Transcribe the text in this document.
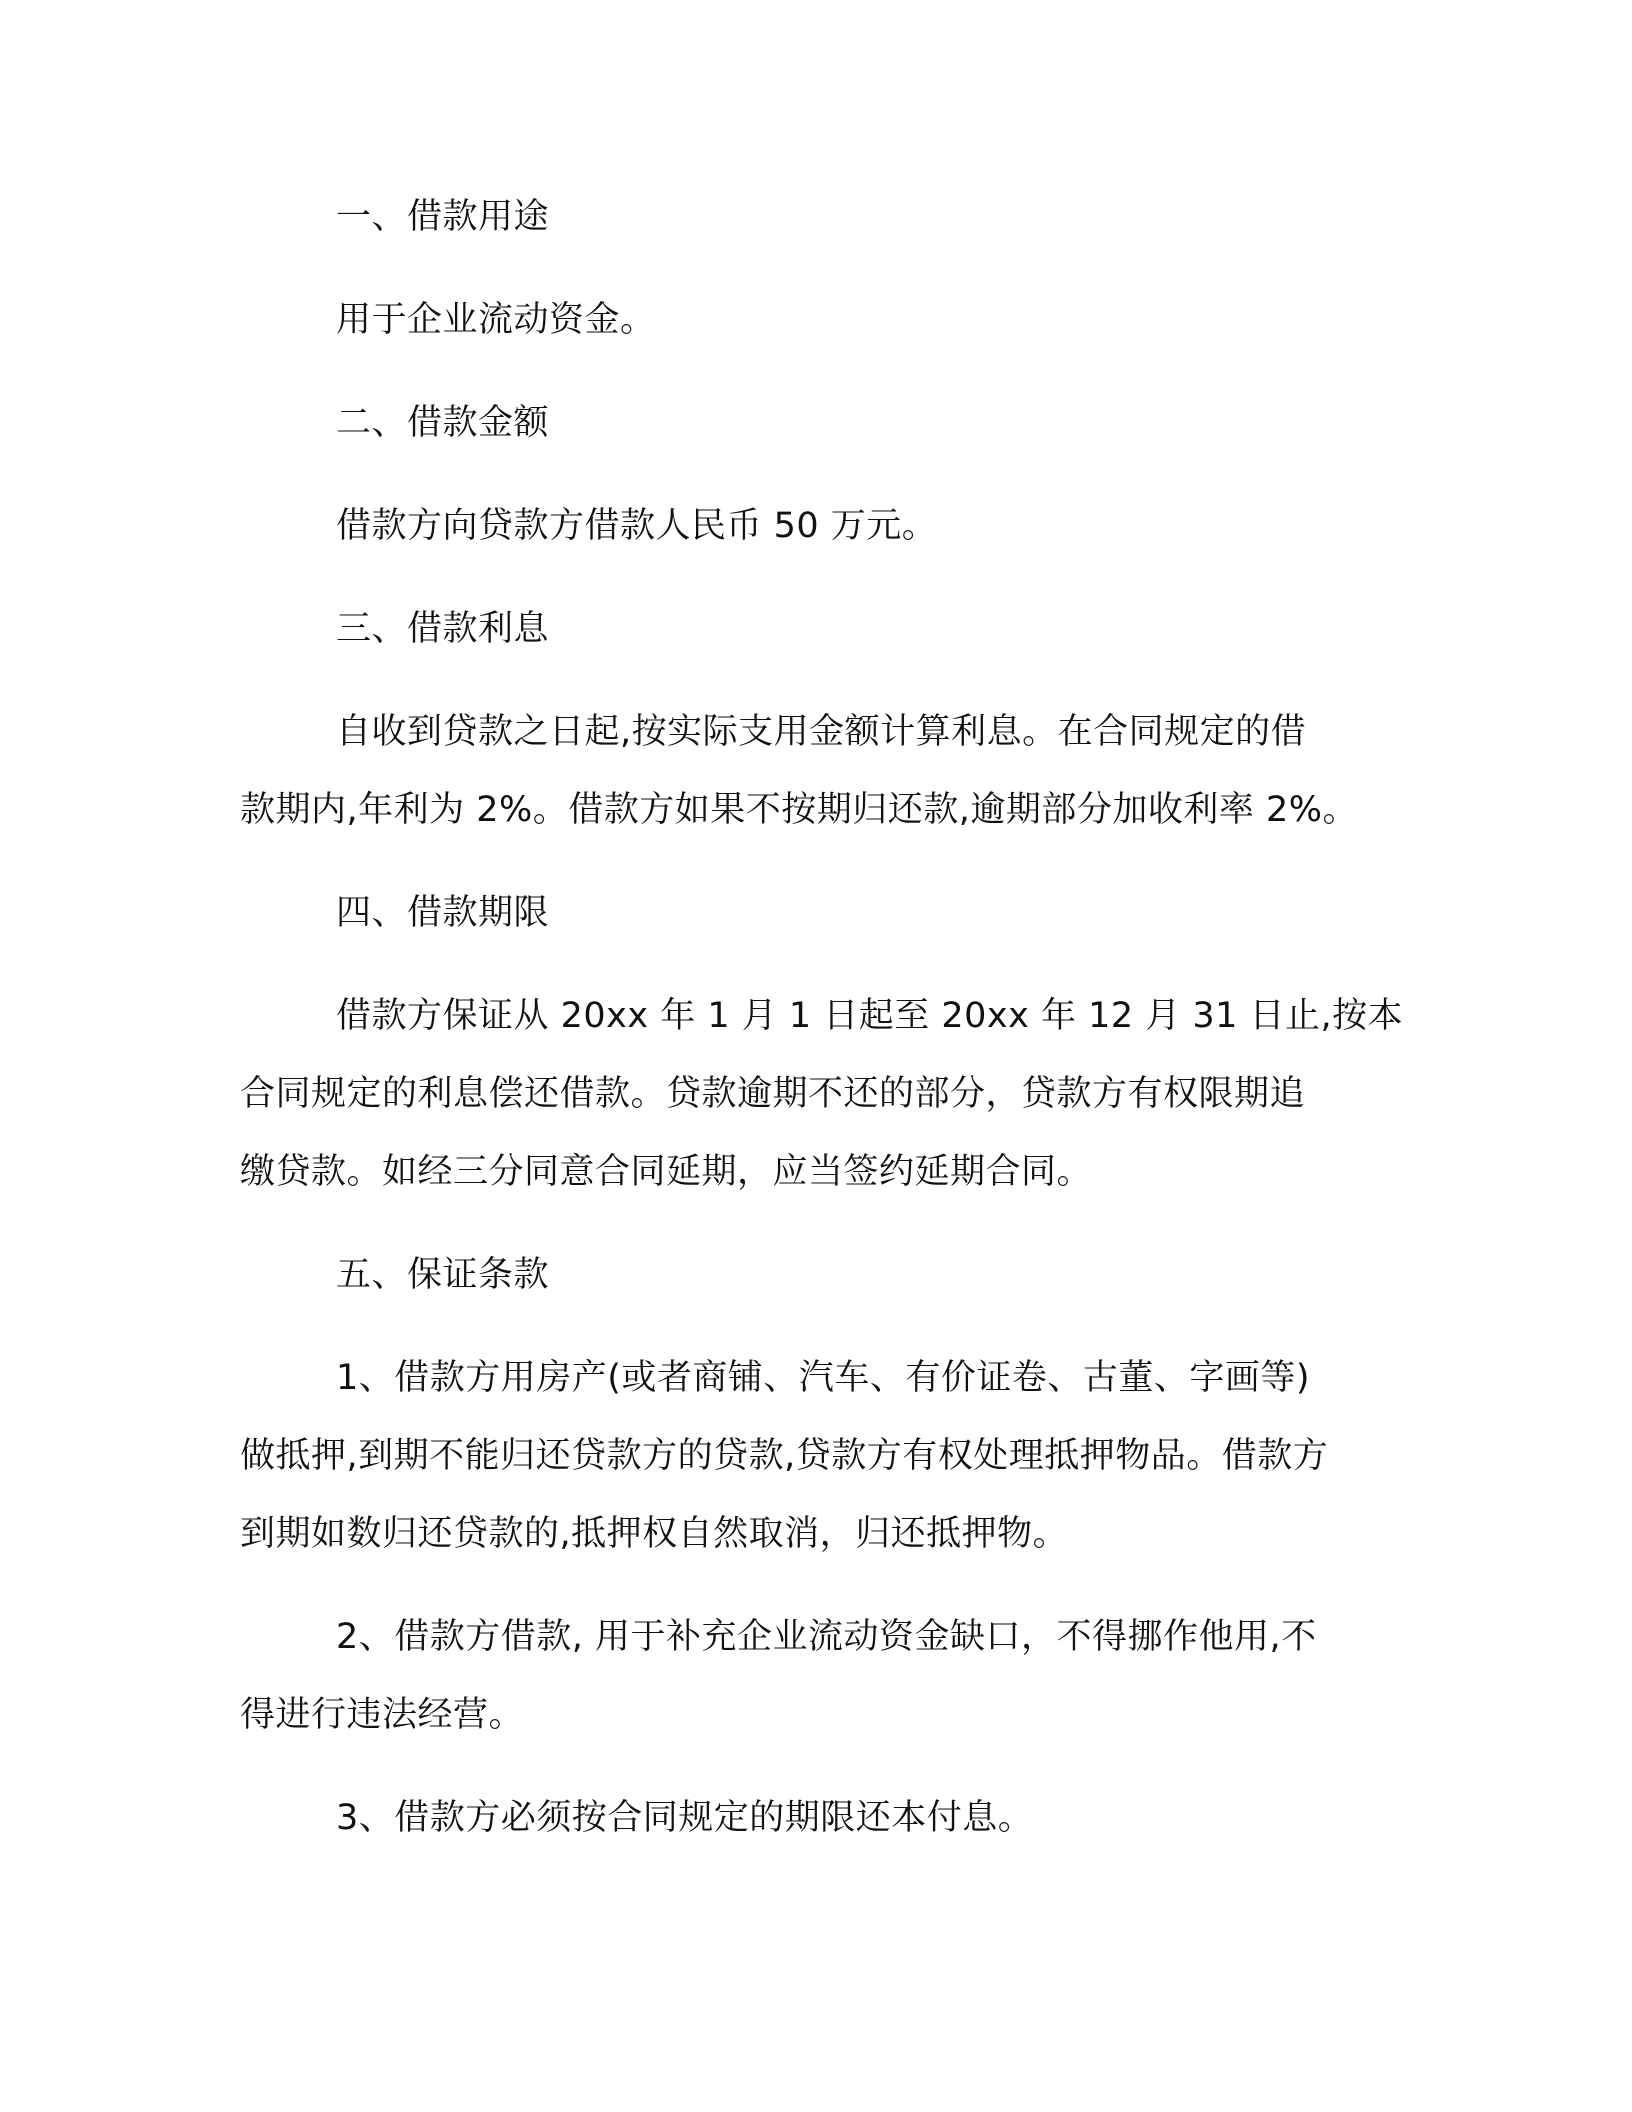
一、借款用途

用于企业流动资金。

二、借款金额

借款方向贷款方借款人民币 50 万元。

三、借款利息

自收到贷款之日起,按实际支用金额计算利息。在合同规定的借

款期内,年利为 2%。借款方如果不按期归还款,逾期部分加收利率 2%。

四、借款期限

借款方保证从 20xx 年 1 月 1 日起至 20xx 年 12 月 31 日止,按本

合同规定的利息偿还借款。贷款逾期不还的部分，贷款方有权限期追

缴贷款。如经三分同意合同延期，应当签约延期合同。

五、保证条款

1、借款方用房产(或者商铺、汽车、有价证卷、古董、字画等)

做抵押,到期不能归还贷款方的贷款,贷款方有权处理抵押物品。借款方

到期如数归还贷款的,抵押权自然取消，归还抵押物。

2、借款方借款, 用于补充企业流动资金缺口，不得挪作他用,不

得进行违法经营。

3、借款方必须按合同规定的期限还本付息。
